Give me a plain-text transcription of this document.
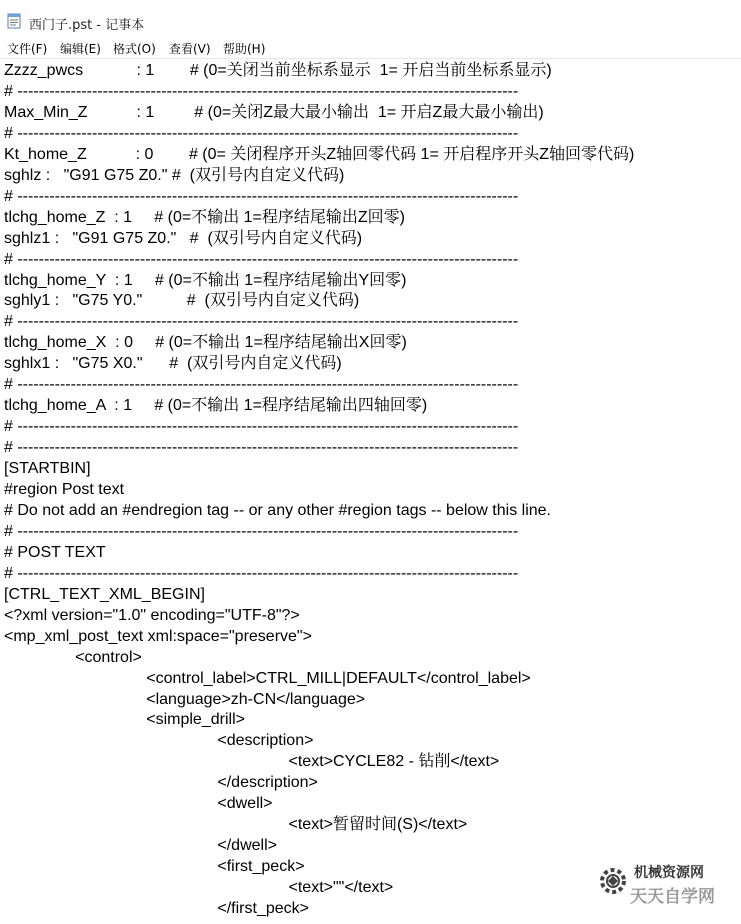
西门子.pst - 记事本
文件(F) 编辑(E) 格式(O) 查看(V) 帮助(H)
Zzzz_pwcs            : 1        # (0=关闭当前坐标系显示  1= 开启当前坐标系显示)
# ----------------------------------------------------------------------------------------------
Max_Min_Z           : 1         # (0=关闭Z最大最小输出  1= 开启Z最大最小输出)
# ----------------------------------------------------------------------------------------------
Kt_home_Z           : 0        # (0= 关闭程序开头Z轴回零代码 1= 开启程序开头Z轴回零代码)
sghlz :   "G91 G75 Z0." #  (双引号内自定义代码)
# ----------------------------------------------------------------------------------------------
tlchg_home_Z  : 1     # (0=不输出 1=程序结尾输出Z回零)
sghlz1 :   "G91 G75 Z0."   #  (双引号内自定义代码)
# ----------------------------------------------------------------------------------------------
tlchg_home_Y  : 1     # (0=不输出 1=程序结尾输出Y回零)
sghly1 :   "G75 Y0."          #  (双引号内自定义代码)
# ----------------------------------------------------------------------------------------------
tlchg_home_X  : 0     # (0=不输出 1=程序结尾输出X回零)
sghlx1 :   "G75 X0."      #  (双引号内自定义代码)
# ----------------------------------------------------------------------------------------------
tlchg_home_A  : 1     # (0=不输出 1=程序结尾输出四轴回零)
# ----------------------------------------------------------------------------------------------
# ----------------------------------------------------------------------------------------------
[STARTBIN]
#region Post text
# Do not add an #endregion tag -- or any other #region tags -- below this line.
# ----------------------------------------------------------------------------------------------
# POST TEXT
# ----------------------------------------------------------------------------------------------
[CTRL_TEXT_XML_BEGIN]
<?xml version="1.0" encoding="UTF-8"?>
<mp_xml_post_text xml:space="preserve">
<control>
<control_label>CTRL_MILL|DEFAULT</control_label>
<language>zh-CN</language>
<simple_drill>
<description>
<text>CYCLE82 - 钻削</text>
</description>
<dwell>
<text>暂留时间(S)</text>
</dwell>
<first_peck>
<text>""</text>
</first_peck>
机械资源网
天天自学网
